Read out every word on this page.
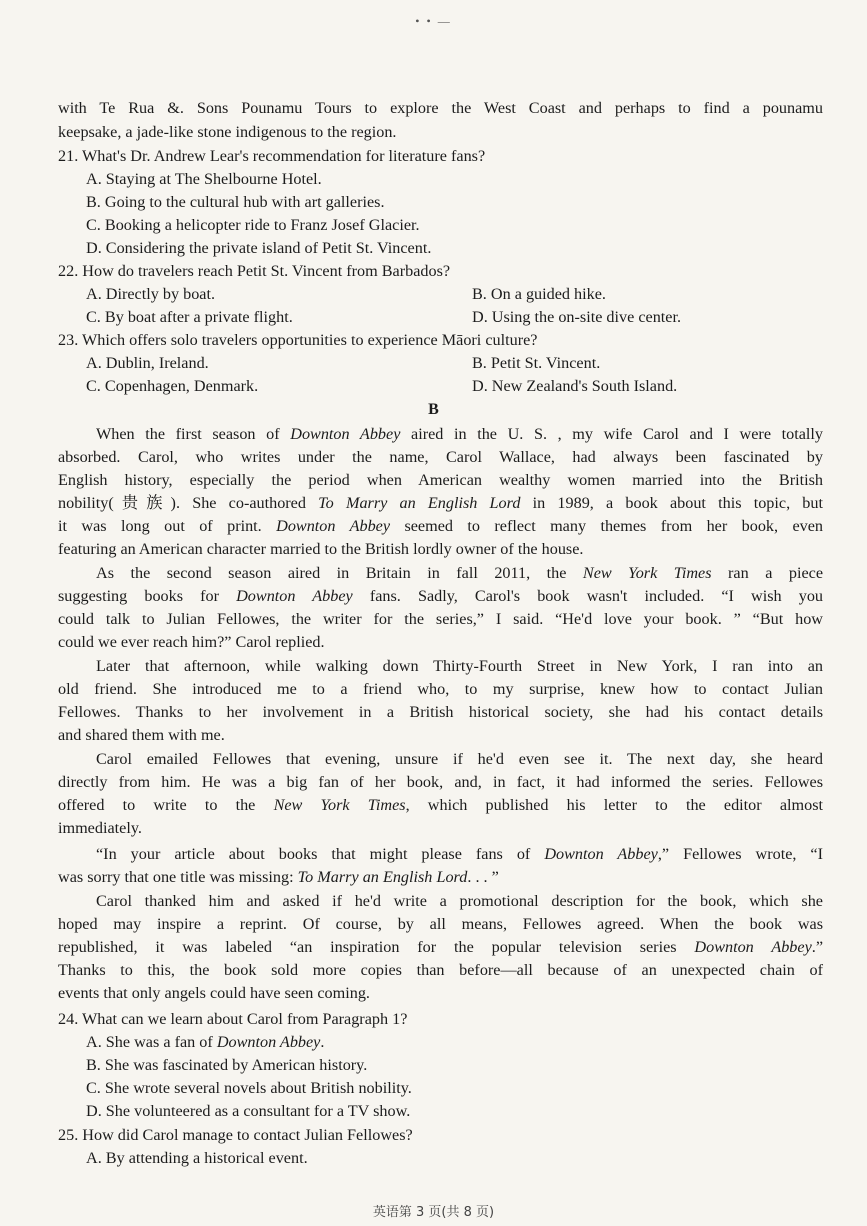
• • —
with Te Rua &. Sons Pounamu Tours to explore the West Coast and perhaps to find a pounamu
keepsake, a jade-like stone indigenous to the region.
21. What's Dr. Andrew Lear's recommendation for literature fans?
A. Staying at The Shelbourne Hotel.
B. Going to the cultural hub with art galleries.
C. Booking a helicopter ride to Franz Josef Glacier.
D. Considering the private island of Petit St. Vincent.
22. How do travelers reach Petit St. Vincent from Barbados?
A. Directly by boat.	B. On a guided hike.
C. By boat after a private flight.	D. Using the on-site dive center.
23. Which offers solo travelers opportunities to experience Māori culture?
A. Dublin, Ireland.	B. Petit St. Vincent.
C. Copenhagen, Denmark.	D. New Zealand's South Island.
B
When the first season of Downton Abbey aired in the U. S. , my wife Carol and I were totally
absorbed. Carol, who writes under the name, Carol Wallace, had always been fascinated by
English history, especially the period when American wealthy women married into the British
nobility(贵族). She co-authored To Marry an English Lord in 1989, a book about this topic, but
it was long out of print. Downton Abbey seemed to reflect many themes from her book, even
featuring an American character married to the British lordly owner of the house.
As the second season aired in Britain in fall 2011, the New York Times ran a piece
suggesting books for Downton Abbey fans. Sadly, Carol's book wasn't included. “I wish you
could talk to Julian Fellowes, the writer for the series,” I said. “He'd love your book. ” “But how
could we ever reach him?” Carol replied.
Later that afternoon, while walking down Thirty-Fourth Street in New York, I ran into an
old friend. She introduced me to a friend who, to my surprise, knew how to contact Julian
Fellowes. Thanks to her involvement in a British historical society, she had his contact details
and shared them with me.
Carol emailed Fellowes that evening, unsure if he'd even see it. The next day, she heard
directly from him. He was a big fan of her book, and, in fact, it had informed the series. Fellowes
offered to write to the New York Times, which published his letter to the editor almost
immediately.
“In your article about books that might please fans of Downton Abbey,” Fellowes wrote, “I
was sorry that one title was missing: To Marry an English Lord. . . ”
Carol thanked him and asked if he'd write a promotional description for the book, which she
hoped may inspire a reprint. Of course, by all means, Fellowes agreed. When the book was
republished, it was labeled “an inspiration for the popular television series Downton Abbey.”
Thanks to this, the book sold more copies than before—all because of an unexpected chain of
events that only angels could have seen coming.
24. What can we learn about Carol from Paragraph 1?
A. She was a fan of Downton Abbey.
B. She was fascinated by American history.
C. She wrote several novels about British nobility.
D. She volunteered as a consultant for a TV show.
25. How did Carol manage to contact Julian Fellowes?
A. By attending a historical event.
英语第 3 页(共 8 页)
